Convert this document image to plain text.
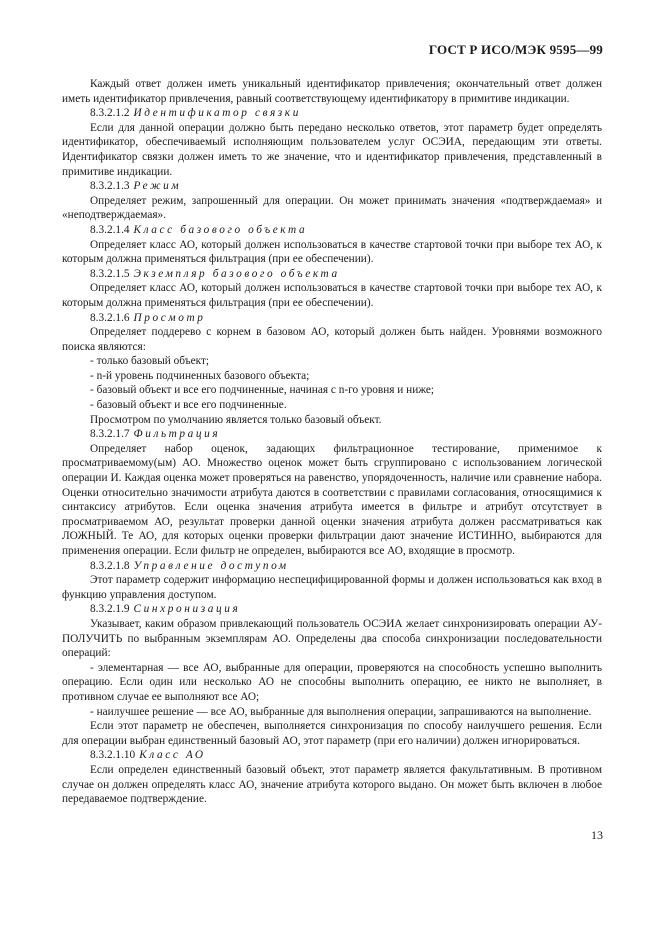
ГОСТ Р ИСО/МЭК 9595—99

Каждый ответ должен иметь уникальный идентификатор привлечения; окончательный ответ должен иметь идентификатор привлечения, равный соответствующему идентификатору в примитиве индикации.

8.3.2.1.2 Идентификатор связки

Если для данной операции должно быть передано несколько ответов, этот параметр будет определять идентификатор, обеспечиваемый исполняющим пользователем услуг ОСЭИА, передающим эти ответы. Идентификатор связки должен иметь то же значение, что и идентификатор привлечения, представленный в примитиве индикации.

8.3.2.1.3 Режим

Определяет режим, запрошенный для операции. Он может принимать значения «подтверждаемая» и «неподтверждаемая».

8.3.2.1.4 Класс базового объекта

Определяет класс АО, который должен использоваться в качестве стартовой точки при выборе тех АО, к которым должна применяться фильтрация (при ее обеспечении).

8.3.2.1.5 Экземпляр базового объекта

Определяет класс АО, который должен использоваться в качестве стартовой точки при выборе тех АО, к которым должна применяться фильтрация (при ее обеспечении).

8.3.2.1.6 Просмотр

Определяет поддерево с корнем в базовом АО, который должен быть найден. Уровнями возможного поиска являются:

- только базовый объект;

- n-й уровень подчиненных базового объекта;

- базовый объект и все его подчиненные, начиная с n-го уровня и ниже;

- базовый объект и все его подчиненные.

Просмотром по умолчанию является только базовый объект.

8.3.2.1.7 Фильтрация

Определяет набор оценок, задающих фильтрационное тестирование, применимое к просматриваемому(ым) АО. Множество оценок может быть сгруппировано с использованием логической операции И. Каждая оценка может проверяться на равенство, упорядоченность, наличие или сравнение набора. Оценки относительно значимости атрибута даются в соответствии с правилами согласования, относящимися к синтаксису атрибутов. Если оценка значения атрибута имеется в фильтре и атрибут отсутствует в просматриваемом АО, результат проверки данной оценки значения атрибута должен рассматриваться как ЛОЖНЫЙ. Те АО, для которых оценки проверки фильтрации дают значение ИСТИННО, выбираются для применения операции. Если фильтр не определен, выбираются все АО, входящие в просмотр.

8.3.2.1.8 Управление доступом

Этот параметр содержит информацию неспецифицированной формы и должен использоваться как вход в функцию управления доступом.

8.3.2.1.9 Синхронизация

Указывает, каким образом привлекающий пользователь ОСЭИА желает синхронизировать операции АУ-ПОЛУЧИТЬ по выбранным экземплярам АО. Определены два способа синхронизации последовательности операций:

- элементарная — все АО, выбранные для операции, проверяются на способность успешно выполнить операцию. Если один или несколько АО не способны выполнить операцию, ее никто не выполняет, в противном случае ее выполняют все АО;

- наилучшее решение — все АО, выбранные для выполнения операции, запрашиваются на выполнение.

Если этот параметр не обеспечен, выполняется синхронизация по способу наилучшего решения. Если для операции выбран единственный базовый АО, этот параметр (при его наличии) должен игнорироваться.

8.3.2.1.10 Класс АО

Если определен единственный базовый объект, этот параметр является факультативным. В противном случае он должен определять класс АО, значение атрибута которого выдано. Он может быть включен в любое передаваемое подтверждение.

13
